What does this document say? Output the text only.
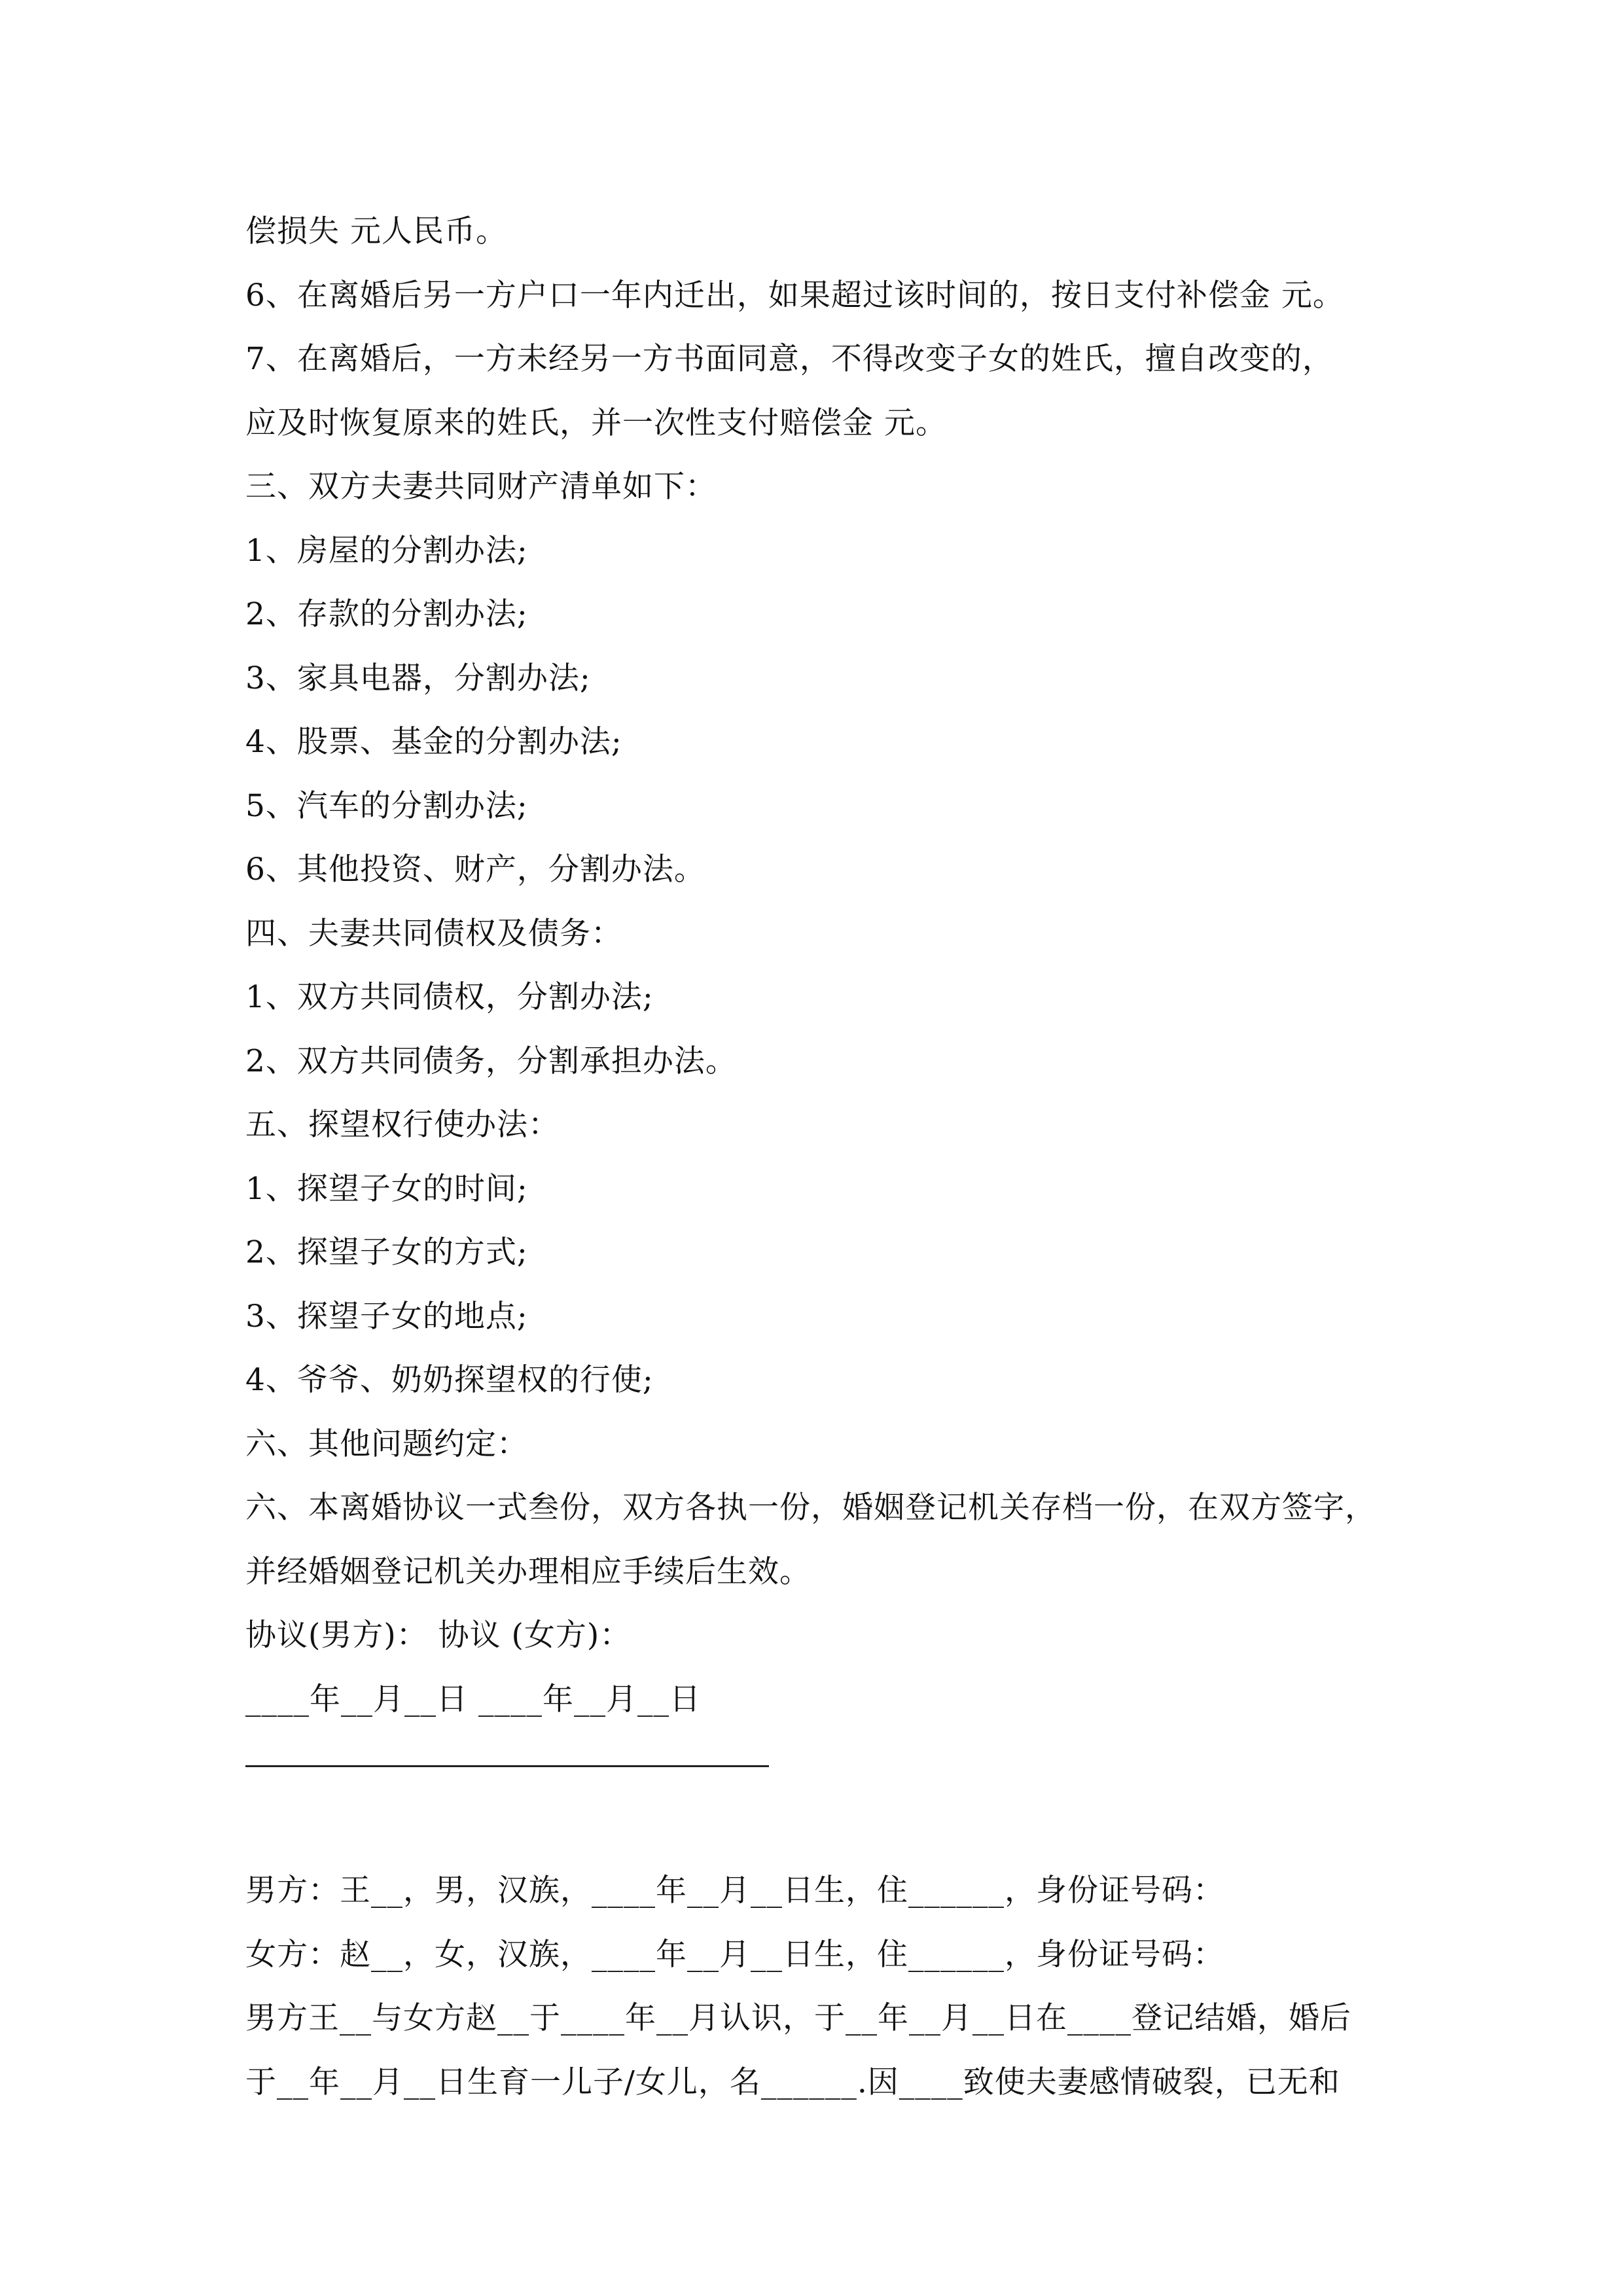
偿损失 元人民币。
6、在离婚后另一方户口一年内迁出，如果超过该时间的，按日支付补偿金 元。
7、在离婚后，一方未经另一方书面同意，不得改变子女的姓氏，擅自改变的，
应及时恢复原来的姓氏，并一次性支付赔偿金 元。
三、双方夫妻共同财产清单如下：
1、房屋的分割办法;
2、存款的分割办法;
3、家具电器，分割办法;
4、股票、基金的分割办法;
5、汽车的分割办法;
6、其他投资、财产，分割办法。
四、夫妻共同债权及债务：
1、双方共同债权，分割办法;
2、双方共同债务，分割承担办法。
五、探望权行使办法：
1、探望子女的时间;
2、探望子女的方式;
3、探望子女的地点;
4、爷爷、奶奶探望权的行使;
六、其他问题约定：
六、本离婚协议一式叁份，双方各执一份，婚姻登记机关存档一份，在双方签字，
并经婚姻登记机关办理相应手续后生效。
协议(男方)： 协议 (女方)：
____年__月__日 ____年__月__日
男方：王__，男，汉族，____年__月__日生，住______，身份证号码：
女方：赵__，女，汉族，____年__月__日生，住______，身份证号码：
男方王__与女方赵__于____年__月认识，于__年__月__日在____登记结婚，婚后
于__年__月__日生育一儿子/女儿，名______.因____致使夫妻感情破裂，已无和
